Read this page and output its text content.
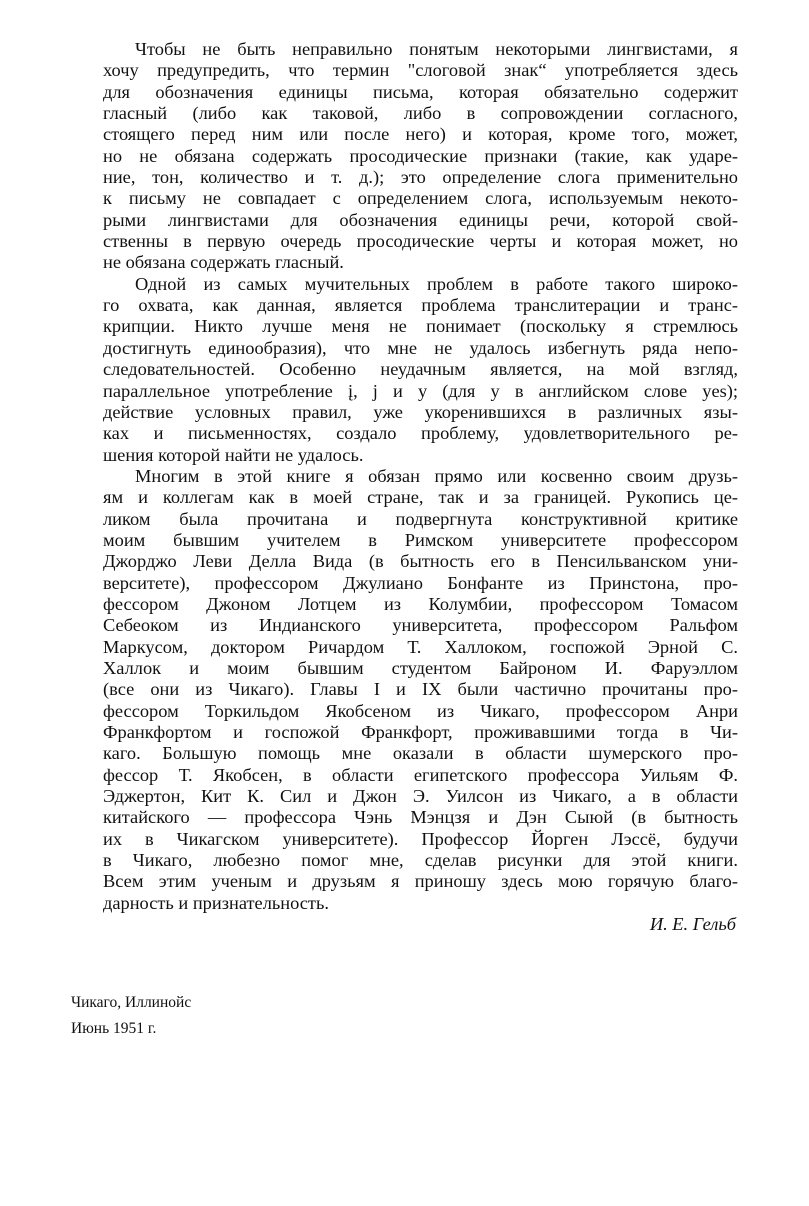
Чтобы не быть неправильно понятым некоторыми лингвистами, я
хочу предупредить, что термин "слоговой знак“ употребляется здесь
для обозначения единицы письма, которая обязательно содержит
гласный (либо как таковой, либо в сопровождении согласного,
стоящего перед ним или после него) и которая, кроме того, может,
но не обязана содержать просодические признаки (такие, как ударе-
ние, тон, количество и т. д.); это определение слога применительно
к письму не совпадает с определением слога, используемым некото-
рыми лингвистами для обозначения единицы речи, которой свой-
ственны в первую очередь просодические черты и которая может, но
не обязана содержать гласный.
Одной из самых мучительных проблем в работе такого широко-
го охвата, как данная, является проблема транслитерации и транс-
крипции. Никто лучше меня не понимает (поскольку я стремлюсь
достигнуть единообразия), что мне не удалось избегнуть ряда непо-
следовательностей. Особенно неудачным является, на мой взгляд,
параллельное употребление į, j и y (для y в английском слове yes);
действие условных правил, уже укоренившихся в различных язы-
ках и письменностях, создало проблему, удовлетворительного ре-
шения которой найти не удалось.
Многим в этой книге я обязан прямо или косвенно своим друзь-
ям и коллегам как в моей стране, так и за границей. Рукопись це-
ликом была прочитана и подвергнута конструктивной критике
моим бывшим учителем в Римском университете профессором
Джорджо Леви Делла Вида (в бытность его в Пенсильванском уни-
верситете), профессором Джулиано Бонфанте из Принстона, про-
фессором Джоном Лотцем из Колумбии, профессором Томасом
Себеоком из Индианского университета, профессором Ральфом
Маркусом, доктором Ричардом Т. Халлоком, госпожой Эрной С.
Халлок и моим бывшим студентом Байроном И. Фаруэллом
(все они из Чикаго). Главы I и IX были частично прочитаны про-
фессором Торкильдом Якобсеном из Чикаго, профессором Анри
Франкфортом и госпожой Франкфорт, проживавшими тогда в Чи-
каго. Большую помощь мне оказали в области шумерского про-
фессор Т. Якобсен, в области египетского профессора Уильям Ф.
Эджертон, Кит К. Сил и Джон Э. Уилсон из Чикаго, а в области
китайского — профессора Чэнь Мэнцзя и Дэн Сыюй (в бытность
их в Чикагском университете). Профессор Йорген Лэссё, будучи
в Чикаго, любезно помог мне, сделав рисунки для этой книги.
Всем этим ученым и друзьям я приношу здесь мою горячую благо-
дарность и признательность.
И. Е. Гельб
Чикаго, Иллинойс
Июнь 1951 г.
